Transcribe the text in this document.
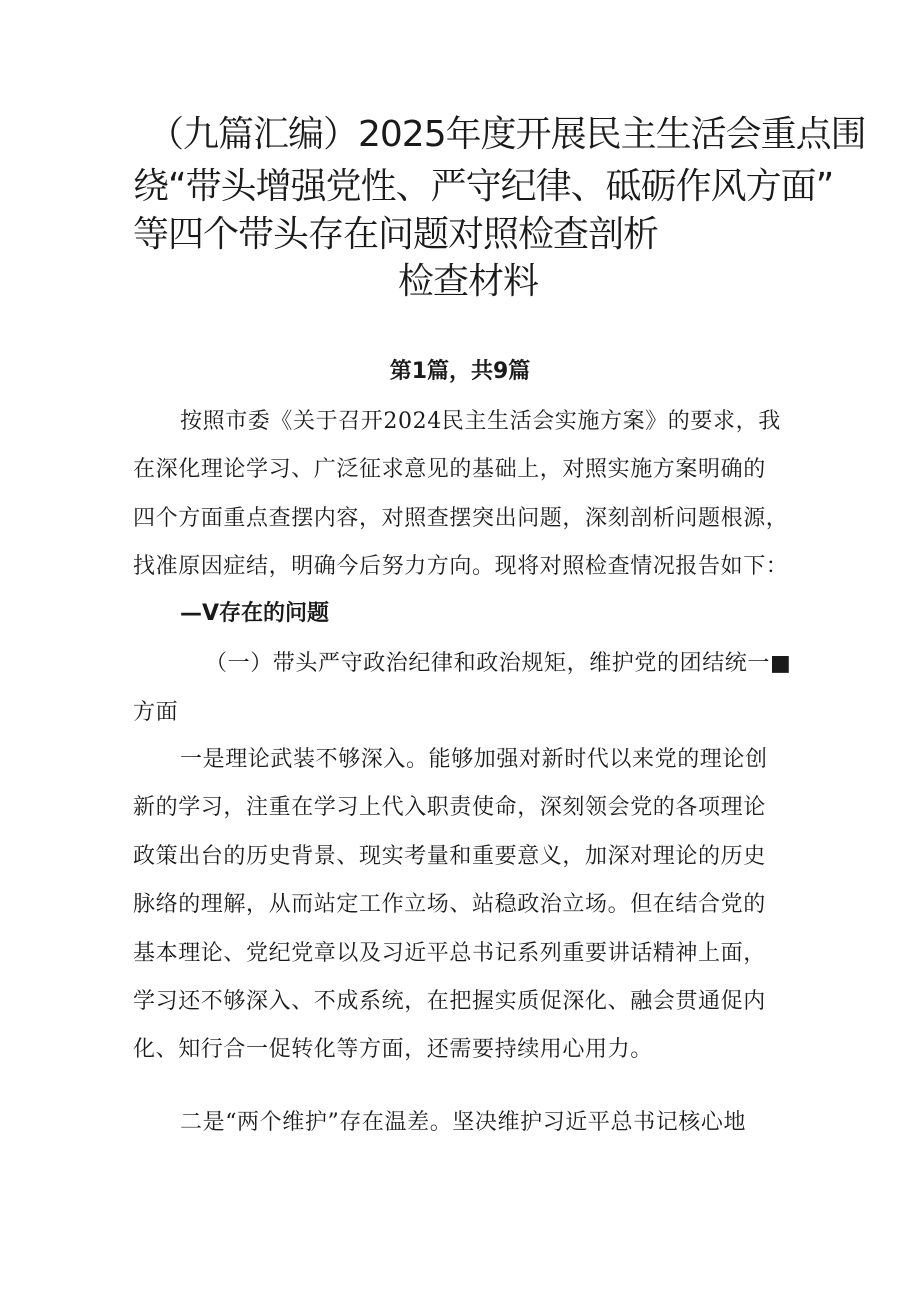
（九篇汇编）2025年度开展民主生活会重点围
绕“带头增强党性、严守纪律、砥砺作风方面”
等四个带头存在问题对照检查剖析
检查材料
第1篇，共9篇
按照市委《关于召开2024民主生活会实施方案》的要求，我
在深化理论学习、广泛征求意见的基础上，对照实施方案明确的
四个方面重点查摆内容，对照查摆突出问题，深刻剖析问题根源，
找准原因症结，明确今后努力方向。现将对照检查情况报告如下：
—V存在的问题
（一）带头严守政治纪律和政治规矩，维护党的团结统一■
方面
一是理论武装不够深入。能够加强对新时代以来党的理论创
新的学习，注重在学习上代入职责使命，深刻领会党的各项理论
政策出台的历史背景、现实考量和重要意义，加深对理论的历史
脉络的理解，从而站定工作立场、站稳政治立场。但在结合党的
基本理论、党纪党章以及习近平总书记系列重要讲话精神上面，
学习还不够深入、不成系统，在把握实质促深化、融会贯通促内
化、知行合一促转化等方面，还需要持续用心用力。
二是“两个维护”存在温差。坚决维护习近平总书记核心地
